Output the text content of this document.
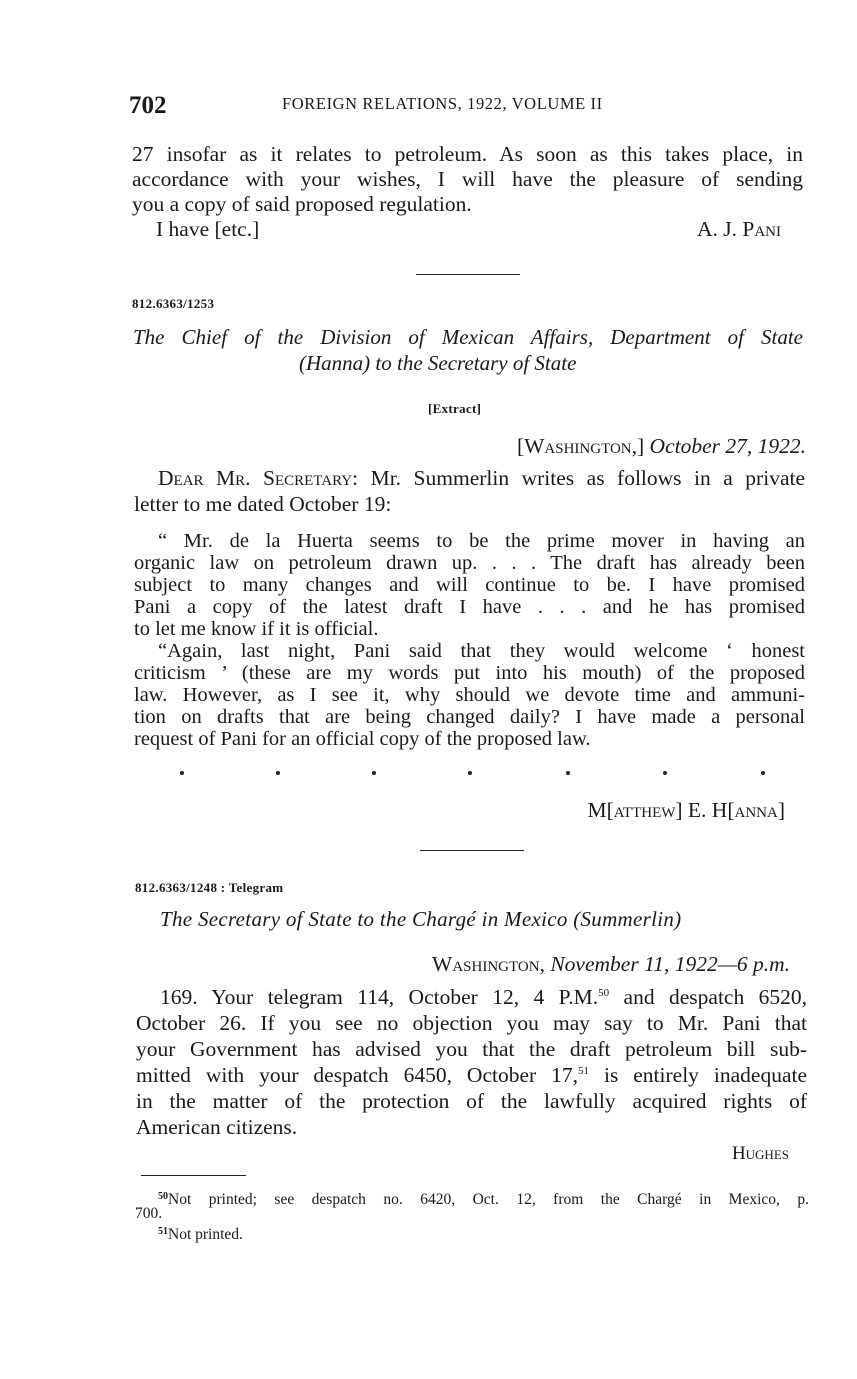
702	FOREIGN RELATIONS, 1922, VOLUME II
27 insofar as it relates to petroleum. As soon as this takes place, in
accordance with your wishes, I will have the pleasure of sending
you a copy of said proposed regulation.
I have [etc.]	A. J. Pani
812.6363/1253
The Chief of the Division of Mexican Affairs, Department of State
(Hanna) to the Secretary of State
[Extract]
[Washington,] October 27, 1922.
Dear Mr. Secretary: Mr. Summerlin writes as follows in a private
letter to me dated October 19:
“ Mr. de la Huerta seems to be the prime mover in having an
organic law on petroleum drawn up. . . . The draft has already been
subject to many changes and will continue to be. I have promised
Pani a copy of the latest draft I have . . . and he has promised
to let me know if it is official.
“Again, last night, Pani said that they would welcome ‘ honest
criticism ’ (these are my words put into his mouth) of the proposed
law. However, as I see it, why should we devote time and ammuni-
tion on drafts that are being changed daily? I have made a personal
request of Pani for an official copy of the proposed law.
M[atthew] E. H[anna]
812.6363/1248 : Telegram
The Secretary of State to the Chargé in Mexico (Summerlin)
Washington, November 11, 1922—6 p.m.
169. Your telegram 114, October 12, 4 P.M.$^{50}$ and despatch 6520,
October 26. If you see no objection you may say to Mr. Pani that
your Government has advised you that the draft petroleum bill sub-
mitted with your despatch 6450, October 17,51 is entirely inadequate
in the matter of the protection of the lawfully acquired rights of
American citizens.
Hughes
$^{50}$Not printed; see despatch no. 6420, Oct. 12, from the Chargé in Mexico, p.
700.
$^{51}$Not printed.
